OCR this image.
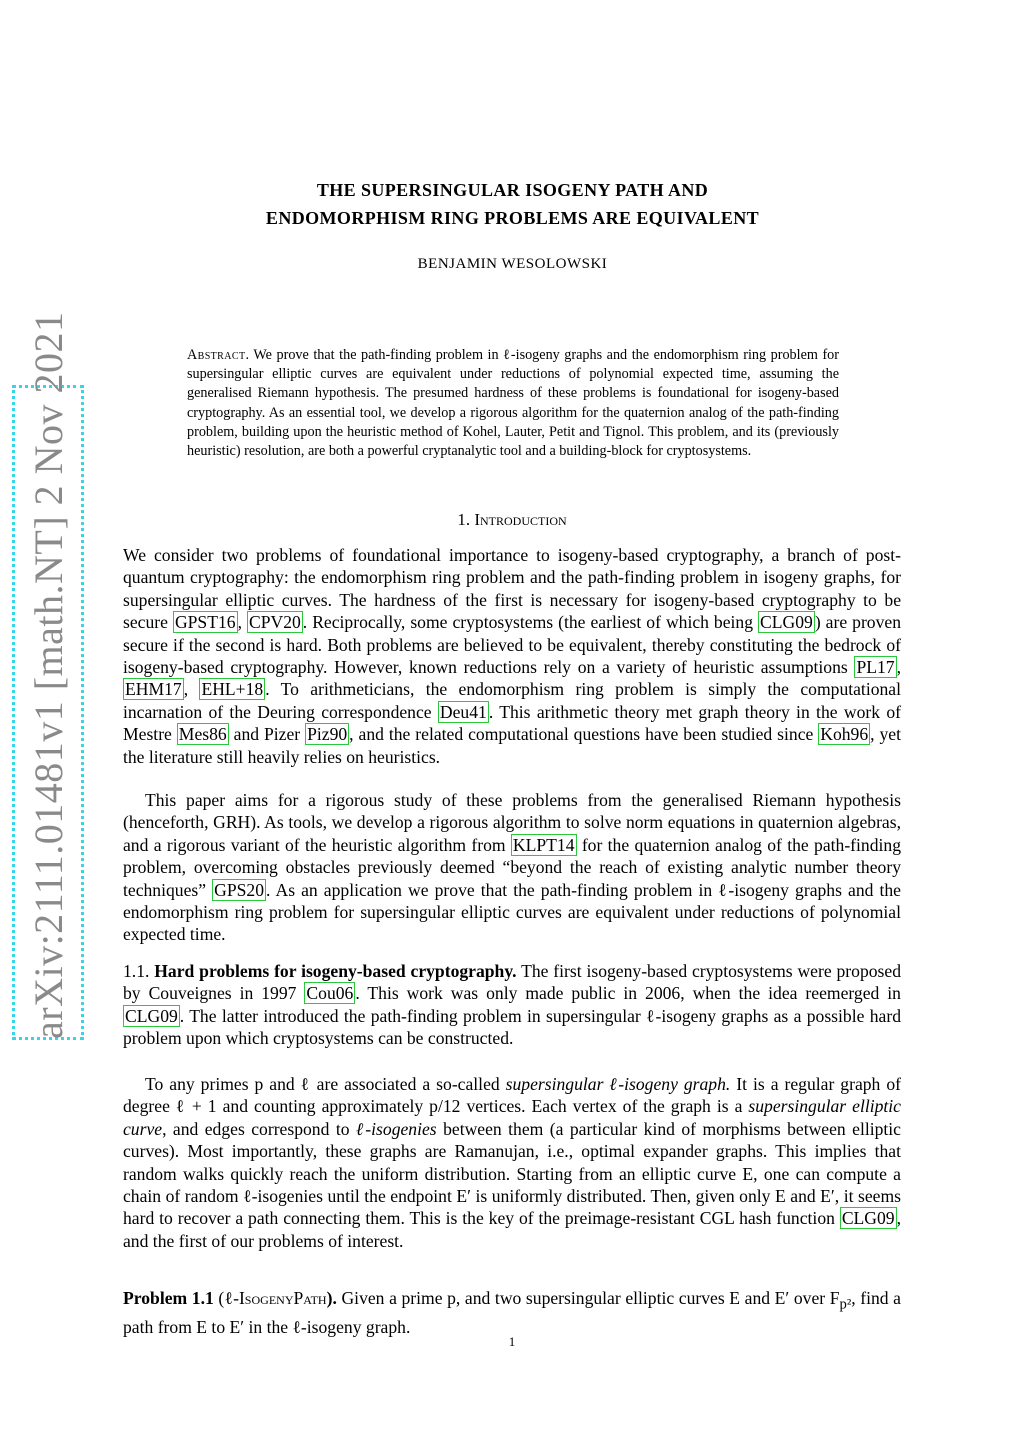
arXiv:2111.01481v1 [math.NT] 2 Nov 2021
THE SUPERSINGULAR ISOGENY PATH AND
ENDOMORPHISM RING PROBLEMS ARE EQUIVALENT
BENJAMIN WESOLOWSKI
Abstract. We prove that the path-finding problem in ℓ-isogeny graphs and the endomorphism ring problem for supersingular elliptic curves are equivalent under reductions of polynomial expected time, assuming the generalised Riemann hypothesis. The presumed hardness of these problems is foundational for isogeny-based cryptography. As an essential tool, we develop a rigorous algorithm for the quaternion analog of the path-finding problem, building upon the heuristic method of Kohel, Lauter, Petit and Tignol. This problem, and its (previously heuristic) resolution, are both a powerful cryptanalytic tool and a building-block for cryptosystems.
1. Introduction

We consider two problems of foundational importance to isogeny-based cryptography, a branch of post-quantum cryptography: the endomorphism ring problem and the path-finding problem in isogeny graphs, for supersingular elliptic curves. The hardness of the first is necessary for isogeny-based cryptography to be secure GPST16 , CPV20 . Reciprocally, some cryptosystems (the earliest of which being CLG09 ) are proven secure if the second is hard. Both problems are believed to be equivalent, thereby constituting the bedrock of isogeny-based cryptography. However, known reductions rely on a variety of heuristic assumptions PL17 , EHM17 , EHL+18 . To arithmeticians, the endomorphism ring problem is simply the computational incarnation of the Deuring correspondence Deu41 . This arithmetic theory met graph theory in the work of Mestre Mes86 and Pizer Piz90 , and the related computational questions have been studied since Koh96 , yet the literature still heavily relies on heuristics.

This paper aims for a rigorous study of these problems from the generalised Riemann hypothesis (henceforth, GRH). As tools, we develop a rigorous algorithm to solve norm equations in quaternion algebras, and a rigorous variant of the heuristic algorithm from KLPT14 for the quaternion analog of the path-finding problem, overcoming obstacles previously deemed “beyond the reach of existing analytic number theory techniques” GPS20 . As an application we prove that the path-finding problem in ℓ-isogeny graphs and the endomorphism ring problem for supersingular elliptic curves are equivalent under reductions of polynomial expected time.

1.1. Hard problems for isogeny-based cryptography. The first isogeny-based cryptosystems were proposed by Couveignes in 1997 Cou06 . This work was only made public in 2006, when the idea reemerged in CLG09 . The latter introduced the path-finding problem in supersingular ℓ-isogeny graphs as a possible hard problem upon which cryptosystems can be constructed.

To any primes p and ℓ are associated a so-called supersingular ℓ-isogeny graph. It is a regular graph of degree ℓ + 1 and counting approximately p/12 vertices. Each vertex of the graph is a supersingular elliptic curve, and edges correspond to ℓ-isogenies between them (a particular kind of morphisms between elliptic curves). Most importantly, these graphs are Ramanujan, i.e., optimal expander graphs. This implies that random walks quickly reach the uniform distribution. Starting from an elliptic curve E, one can compute a chain of random ℓ-isogenies until the endpoint E′ is uniformly distributed. Then, given only E and E′, it seems hard to recover a path connecting them. This is the key of the preimage-resistant CGL hash function CLG09 , and the first of our problems of interest.

Problem 1.1 (ℓ-IsogenyPath). Given a prime p, and two supersingular elliptic curves E and E′ over $F_{p^2}$, find a path from E to E′ in the ℓ-isogeny graph.

1
